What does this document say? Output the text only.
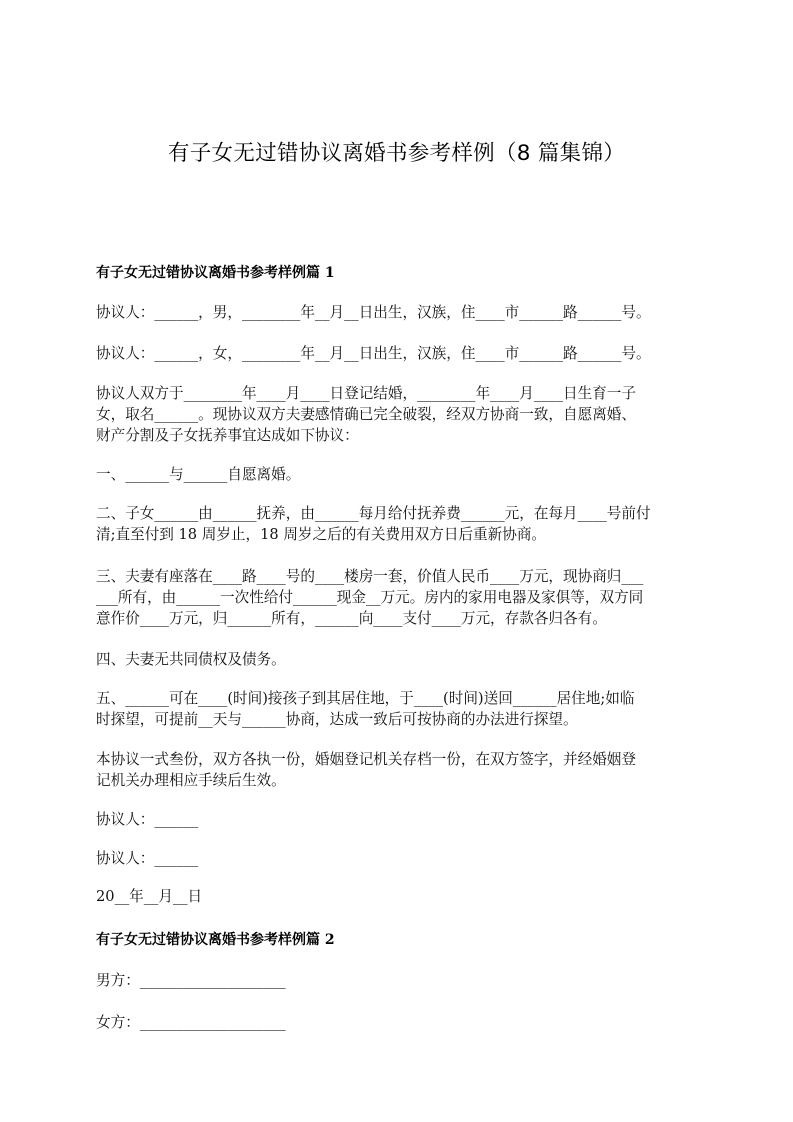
有子女无过错协议离婚书参考样例（8 篇集锦）
有子女无过错协议离婚书参考样例篇 1
协议人：______，男，________年__月__日出生，汉族，住____市______路______号。
协议人：______，女，________年__月__日出生，汉族，住____市______路______号。
协议人双方于________年____月____日登记结婚，________年____月____日生育一子
女，取名______。现协议双方夫妻感情确已完全破裂，经双方协商一致，自愿离婚、
财产分割及子女抚养事宜达成如下协议：
一、______与______自愿离婚。
二、子女______由______抚养，由______每月给付抚养费______元，在每月____号前付
清;直至付到 18 周岁止，18 周岁之后的有关费用双方日后重新协商。
三、夫妻有座落在____路____号的____楼房一套，价值人民币____万元，现协商归___
___所有，由______一次性给付______现金__万元。房内的家用电器及家俱等，双方同
意作价____万元，归______所有，______向____支付____万元，存款各归各有。
四、夫妻无共同债权及债务。
五、______可在____(时间)接孩子到其居住地，于____(时间)送回______居住地;如临
时探望，可提前__天与______协商，达成一致后可按协商的办法进行探望。
本协议一式叁份，双方各执一份，婚姻登记机关存档一份，在双方签字，并经婚姻登
记机关办理相应手续后生效。
协议人：______
协议人：______
20__年__月__日
有子女无过错协议离婚书参考样例篇 2
男方：____________________
女方：____________________
